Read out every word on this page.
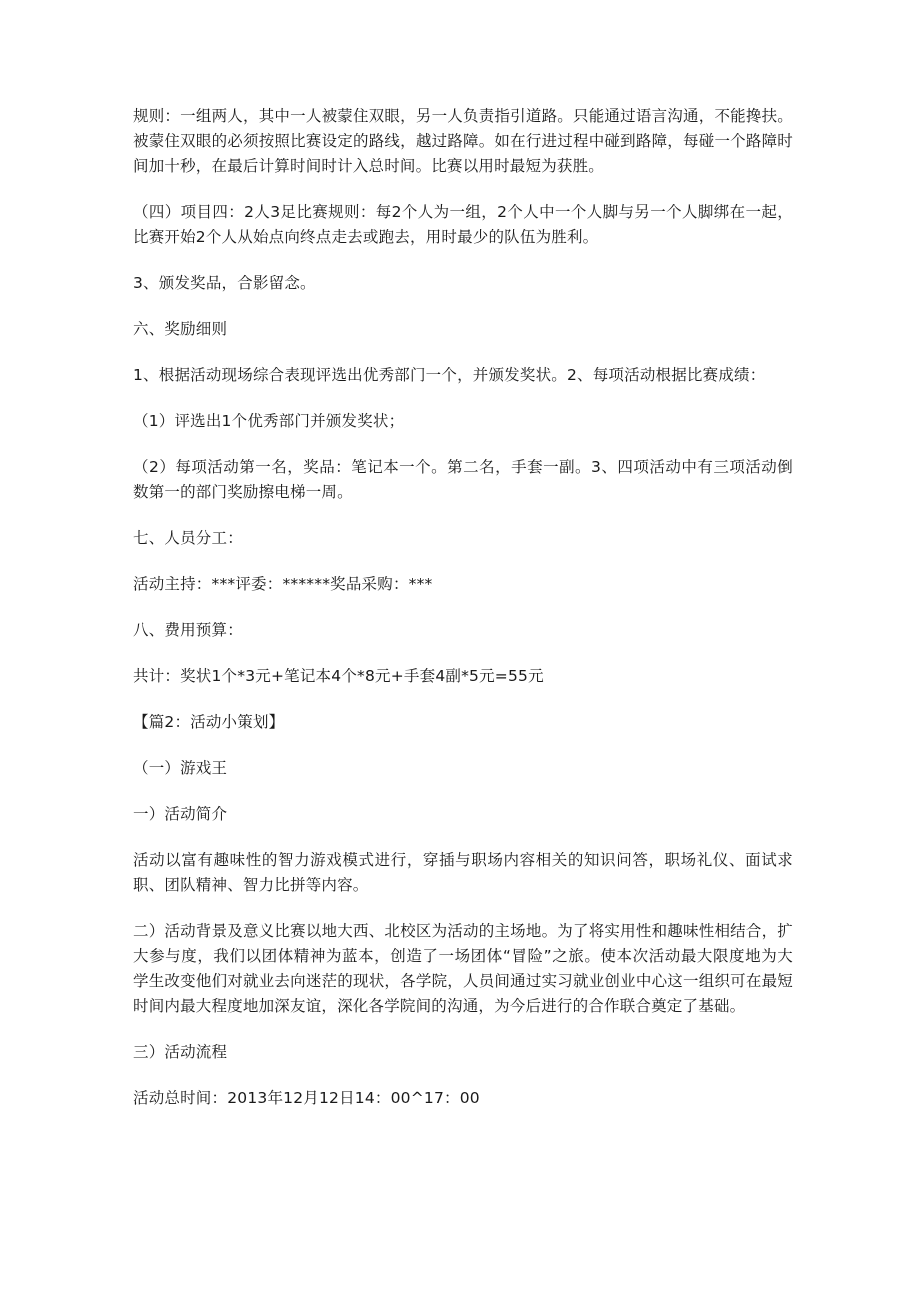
规则：一组两人，其中一人被蒙住双眼，另一人负责指引道路。只能通过语言沟通，不能搀扶。被蒙住双眼的必须按照比赛设定的路线，越过路障。如在行进过程中碰到路障，每碰一个路障时间加十秒，在最后计算时间时计入总时间。比赛以用时最短为获胜。

（四）项目四：2人3足比赛规则：每2个人为一组，2个人中一个人脚与另一个人脚绑在一起，比赛开始2个人从始点向终点走去或跑去，用时最少的队伍为胜利。

3、颁发奖品，合影留念。

六、奖励细则

1、根据活动现场综合表现评选出优秀部门一个，并颁发奖状。2、每项活动根据比赛成绩：

（1）评选出1个优秀部门并颁发奖状；

（2）每项活动第一名，奖品：笔记本一个。第二名，手套一副。3、四项活动中有三项活动倒数第一的部门奖励擦电梯一周。

七、人员分工：

活动主持：***评委：******奖品采购：***

八、费用预算：

共计：奖状1个*3元+笔记本4个*8元+手套4副*5元=55元

【篇2：活动小策划】

（一）游戏王

一）活动简介

活动以富有趣味性的智力游戏模式进行，穿插与职场内容相关的知识问答，职场礼仪、面试求职、团队精神、智力比拼等内容。

二）活动背景及意义比赛以地大西、北校区为活动的主场地。为了将实用性和趣味性相结合，扩大参与度，我们以团体精神为蓝本，创造了一场团体“冒险”之旅。使本次活动最大限度地为大学生改变他们对就业去向迷茫的现状，各学院，人员间通过实习就业创业中心这一组织可在最短时间内最大程度地加深友谊，深化各学院间的沟通，为今后进行的合作联合奠定了基础。

三）活动流程

活动总时间：2013年12月12日14：00^17：00
